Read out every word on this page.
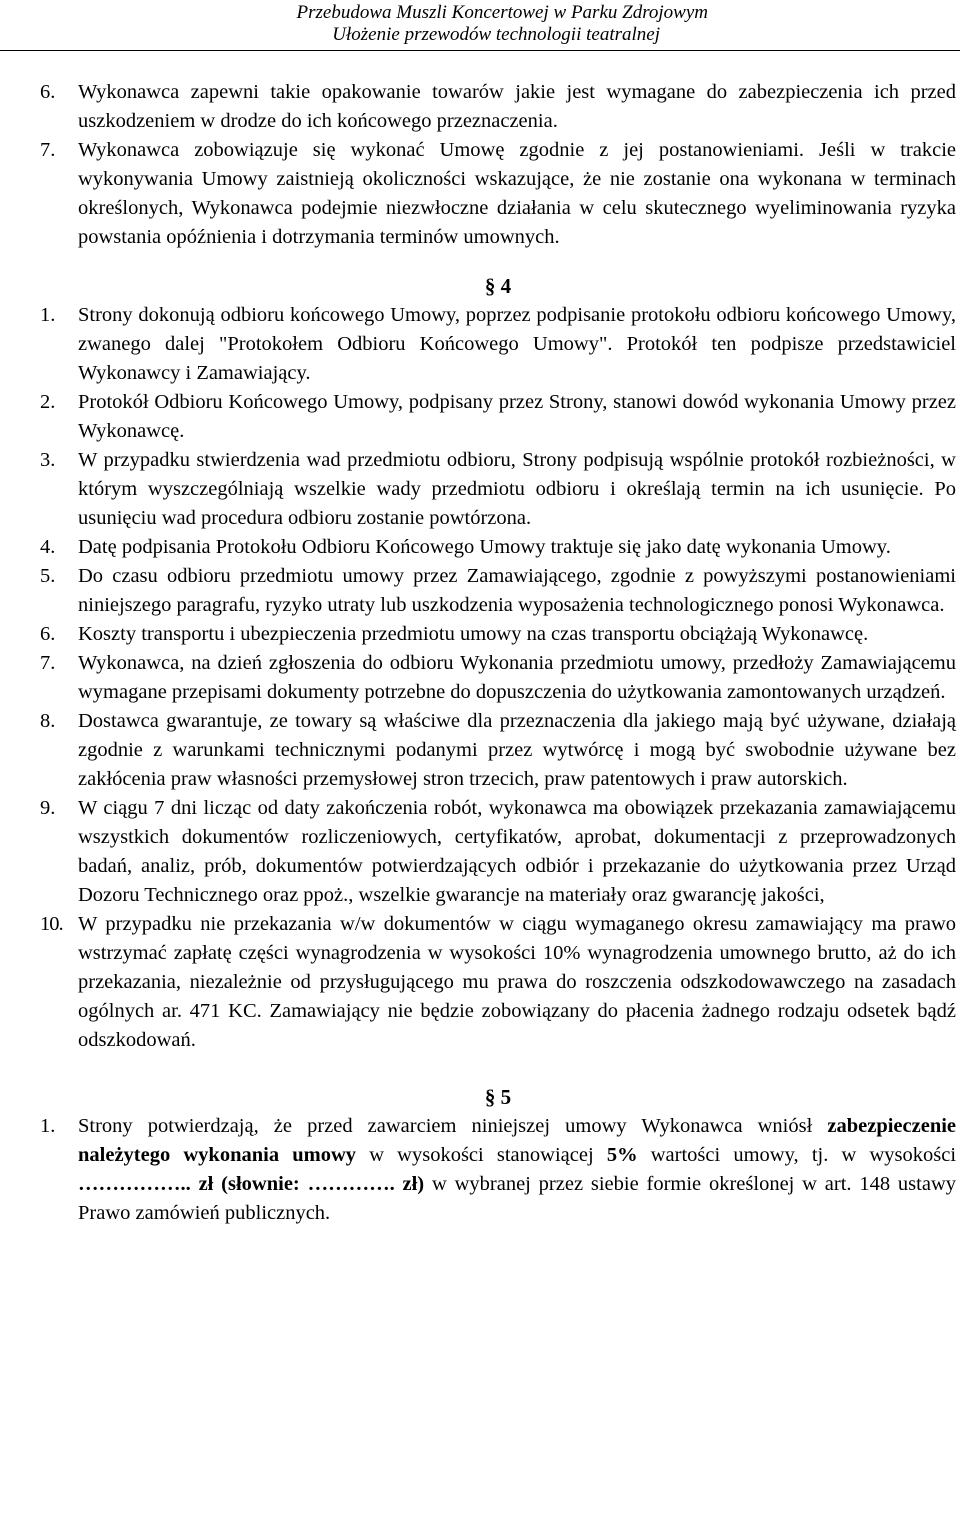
Przebudowa Muszli Koncertowej w Parku Zdrojowym
Ułożenie przewodów technologii teatralnej

6. Wykonawca zapewni takie opakowanie towarów jakie jest wymagane do zabezpieczenia ich przed uszkodzeniem w drodze do ich końcowego przeznaczenia.

7. Wykonawca zobowiązuje się wykonać Umowę zgodnie z jej postanowieniami. Jeśli w trakcie wykonywania Umowy zaistnieją okoliczności wskazujące, że nie zostanie ona wykonana w terminach określonych, Wykonawca podejmie niezwłoczne działania w celu skutecznego wyeliminowania ryzyka powstania opóźnienia i dotrzymania terminów umownych.

§ 4

1. Strony dokonują odbioru końcowego Umowy, poprzez podpisanie protokołu odbioru końcowego Umowy, zwanego dalej "Protokołem Odbioru Końcowego Umowy". Protokół ten podpisze przedstawiciel Wykonawcy i Zamawiający.

2. Protokół Odbioru Końcowego Umowy, podpisany przez Strony, stanowi dowód wykonania Umowy przez Wykonawcę.

3. W przypadku stwierdzenia wad przedmiotu odbioru, Strony podpisują wspólnie protokół rozbieżności, w którym wyszczególniają wszelkie wady przedmiotu odbioru i określają termin na ich usunięcie. Po usunięciu wad procedura odbioru zostanie powtórzona.

4. Datę podpisania Protokołu Odbioru Końcowego Umowy traktuje się jako datę wykonania Umowy.

5. Do czasu odbioru przedmiotu umowy przez Zamawiającego, zgodnie z powyższymi postanowieniami niniejszego paragrafu, ryzyko utraty lub uszkodzenia wyposażenia technologicznego ponosi Wykonawca.

6. Koszty transportu i ubezpieczenia przedmiotu umowy na czas transportu obciążają Wykonawcę.

7. Wykonawca, na dzień zgłoszenia do odbioru Wykonania przedmiotu umowy, przedłoży Zamawiającemu wymagane przepisami dokumenty potrzebne do dopuszczenia do użytkowania zamontowanych urządzeń.

8. Dostawca gwarantuje, ze towary są właściwe dla przeznaczenia dla jakiego mają być używane, działają zgodnie z warunkami technicznymi podanymi przez wytwórcę i mogą być swobodnie używane bez zakłócenia praw własności przemysłowej stron trzecich, praw patentowych i praw autorskich.

9. W ciągu 7 dni licząc od daty zakończenia robót, wykonawca ma obowiązek przekazania zamawiającemu wszystkich dokumentów rozliczeniowych, certyfikatów, aprobat, dokumentacji z przeprowadzonych badań, analiz, prób, dokumentów potwierdzających odbiór i przekazanie do użytkowania przez Urząd Dozoru Technicznego oraz ppoż., wszelkie gwarancje na materiały oraz gwarancję jakości,

10. W przypadku nie przekazania w/w dokumentów w ciągu wymaganego okresu zamawiający ma prawo wstrzymać zapłatę części wynagrodzenia w wysokości 10% wynagrodzenia umownego brutto, aż do ich przekazania, niezależnie od przysługującego mu prawa do roszczenia odszkodowawczego na zasadach ogólnych ar. 471 KC. Zamawiający nie będzie zobowiązany do płacenia żadnego rodzaju odsetek bądź odszkodowań.

§ 5

1. Strony potwierdzają, że przed zawarciem niniejszej umowy Wykonawca wniósł zabezpieczenie należytego wykonania umowy w wysokości stanowiącej 5% wartości umowy, tj. w wysokości …………….. zł (słownie: …………. zł) w wybranej przez siebie formie określonej w art. 148 ustawy Prawo zamówień publicznych.
